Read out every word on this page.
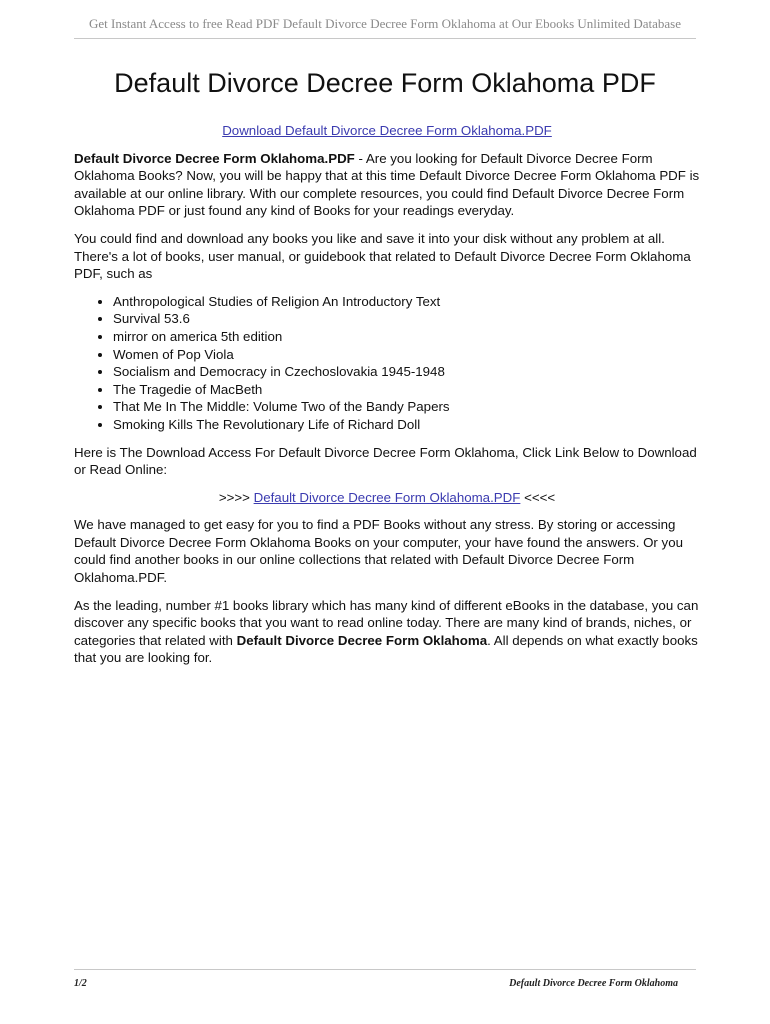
Get Instant Access to free Read PDF Default Divorce Decree Form Oklahoma at Our Ebooks Unlimited Database
Default Divorce Decree Form Oklahoma PDF

Download Default Divorce Decree Form Oklahoma.PDF

Default Divorce Decree Form Oklahoma.PDF - Are you looking for Default Divorce Decree Form Oklahoma Books? Now, you will be happy that at this time Default Divorce Decree Form Oklahoma PDF is available at our online library. With our complete resources, you could find Default Divorce Decree Form Oklahoma PDF or just found any kind of Books for your readings everyday.

You could find and download any books you like and save it into your disk without any problem at all. There's a lot of books, user manual, or guidebook that related to Default Divorce Decree Form Oklahoma PDF, such as

• Anthropological Studies of Religion An Introductory Text
• Survival 53.6
• mirror on america 5th edition
• Women of Pop Viola
• Socialism and Democracy in Czechoslovakia 1945-1948
• The Tragedie of MacBeth
• That Me In The Middle: Volume Two of the Bandy Papers
• Smoking Kills The Revolutionary Life of Richard Doll

Here is The Download Access For Default Divorce Decree Form Oklahoma, Click Link Below to Download or Read Online:

>>>> Default Divorce Decree Form Oklahoma.PDF <<<<

We have managed to get easy for you to find a PDF Books without any stress. By storing or accessing Default Divorce Decree Form Oklahoma Books on your computer, your have found the answers. Or you could find another books in our online collections that related with Default Divorce Decree Form Oklahoma.PDF.

As the leading, number #1 books library which has many kind of different eBooks in the database, you can discover any specific books that you want to read online today. There are many kind of brands, niches, or categories that related with Default Divorce Decree Form Oklahoma. All depends on what exactly books that you are looking for.

1/2	Default Divorce Decree Form Oklahoma
